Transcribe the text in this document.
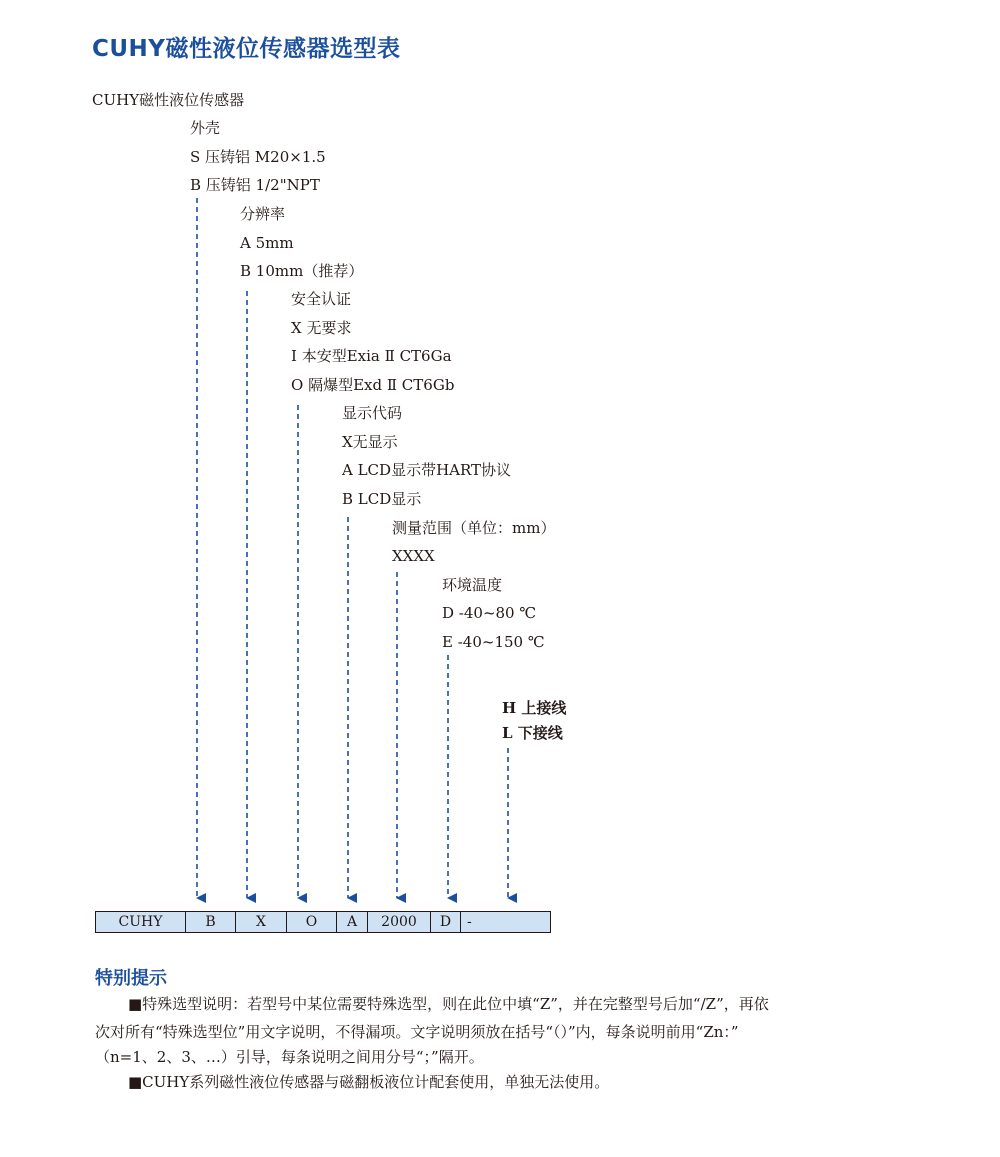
CUHY磁性液位传感器选型表
CUHY磁性液位传感器
外壳
S 压铸铝 M20×1.5
B 压铸铝 1/2"NPT
分辨率
A 5mm
B 10mm（推荐）
安全认证
X 无要求
I 本安型Exia Ⅱ CT6Ga
O 隔爆型Exd Ⅱ CT6Gb
显示代码
X无显示
A LCD显示带HART协议
B LCD显示
测量范围（单位：mm）
XXXX
环境温度
D -40~80 ℃
E -40~150 ℃
H 上接线
L 下接线
CUHY	B	X	O	A	2000	D	-
特别提示
■特殊选型说明：若型号中某位需要特殊选型，则在此位中填“Z”，并在完整型号后加“/Z”，再依
次对所有“特殊选型位”用文字说明，不得漏项。文字说明须放在括号“（）”内，每条说明前用“Zn：”
（n=1、2、3、…）引导，每条说明之间用分号“；”隔开。
■CUHY系列磁性液位传感器与磁翻板液位计配套使用，单独无法使用。
